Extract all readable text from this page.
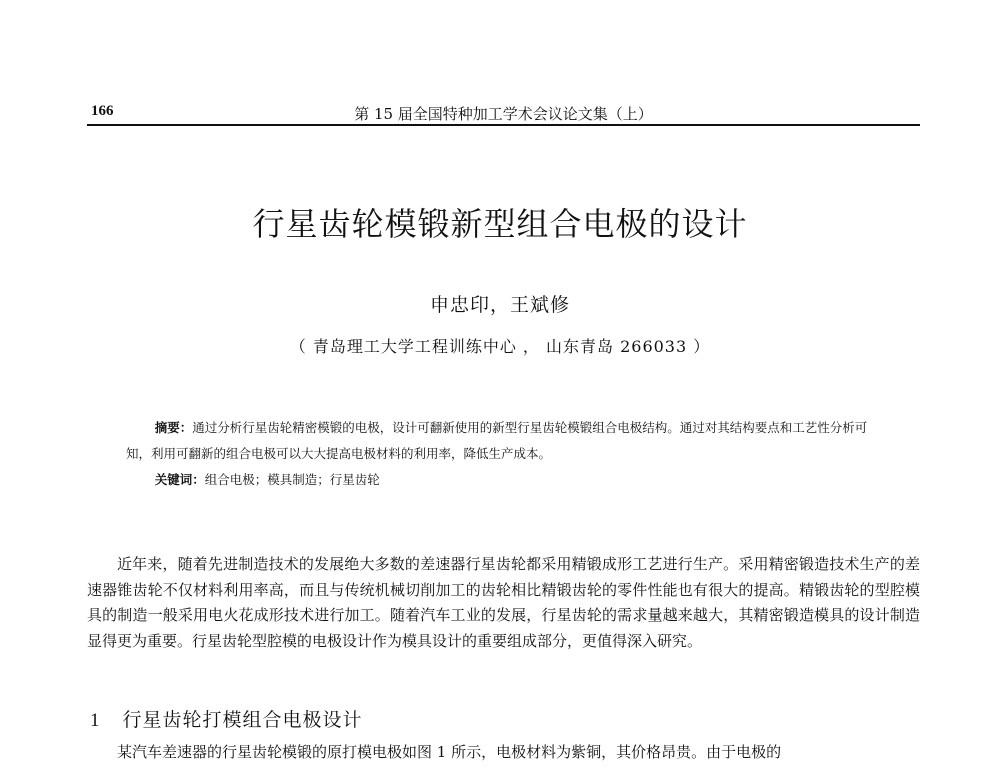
166	第 15 届全国特种加工学术会议论文集（上）
行星齿轮模锻新型组合电极的设计
申忠印，王斌修
（ 青岛理工大学工程训练中心 ， 山东青岛 266033 ）

摘要：通过分析行星齿轮精密模锻的电极，设计可翻新使用的新型行星齿轮模锻组合电极结构。通过对其结构要点和工艺性分析可知，利用可翻新的组合电极可以大大提高电极材料的利用率，降低生产成本。

关键词：组合电极；模具制造；行星齿轮

近年来，随着先进制造技术的发展绝大多数的差速器行星齿轮都采用精锻成形工艺进行生产。采用精密锻造技术生产的差速器锥齿轮不仅材料利用率高，而且与传统机械切削加工的齿轮相比精锻齿轮的零件性能也有很大的提高。精锻齿轮的型腔模具的制造一般采用电火花成形技术进行加工。随着汽车工业的发展，行星齿轮的需求量越来越大，其精密锻造模具的设计制造显得更为重要。行星齿轮型腔模的电极设计作为模具设计的重要组成部分，更值得深入研究。

1 行星齿轮打模组合电极设计

某汽车差速器的行星齿轮模锻的原打模电极如图 1 所示，电极材料为紫铜，其价格昂贵。由于电极的
